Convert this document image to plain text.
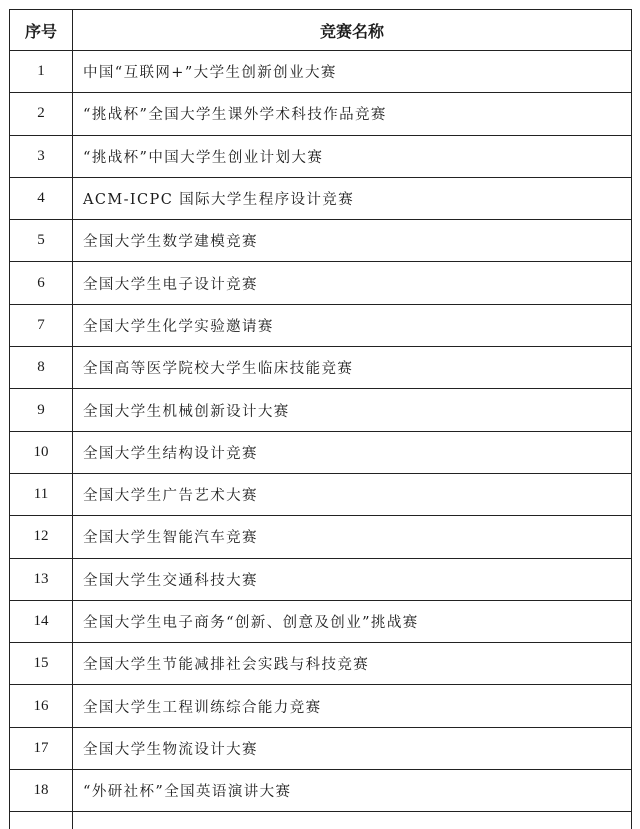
序号	竞赛名称
1	中国“互联网+”大学生创新创业大赛
2	“挑战杯”全国大学生课外学术科技作品竞赛
3	“挑战杯”中国大学生创业计划大赛
4	ACM-ICPC 国际大学生程序设计竞赛
5	全国大学生数学建模竞赛
6	全国大学生电子设计竞赛
7	全国大学生化学实验邀请赛
8	全国高等医学院校大学生临床技能竞赛
9	全国大学生机械创新设计大赛
10	全国大学生结构设计竞赛
11	全国大学生广告艺术大赛
12	全国大学生智能汽车竞赛
13	全国大学生交通科技大赛
14	全国大学生电子商务“创新、创意及创业”挑战赛
15	全国大学生节能减排社会实践与科技竞赛
16	全国大学生工程训练综合能力竞赛
17	全国大学生物流设计大赛
18	“外研社杯”全国英语演讲大赛
